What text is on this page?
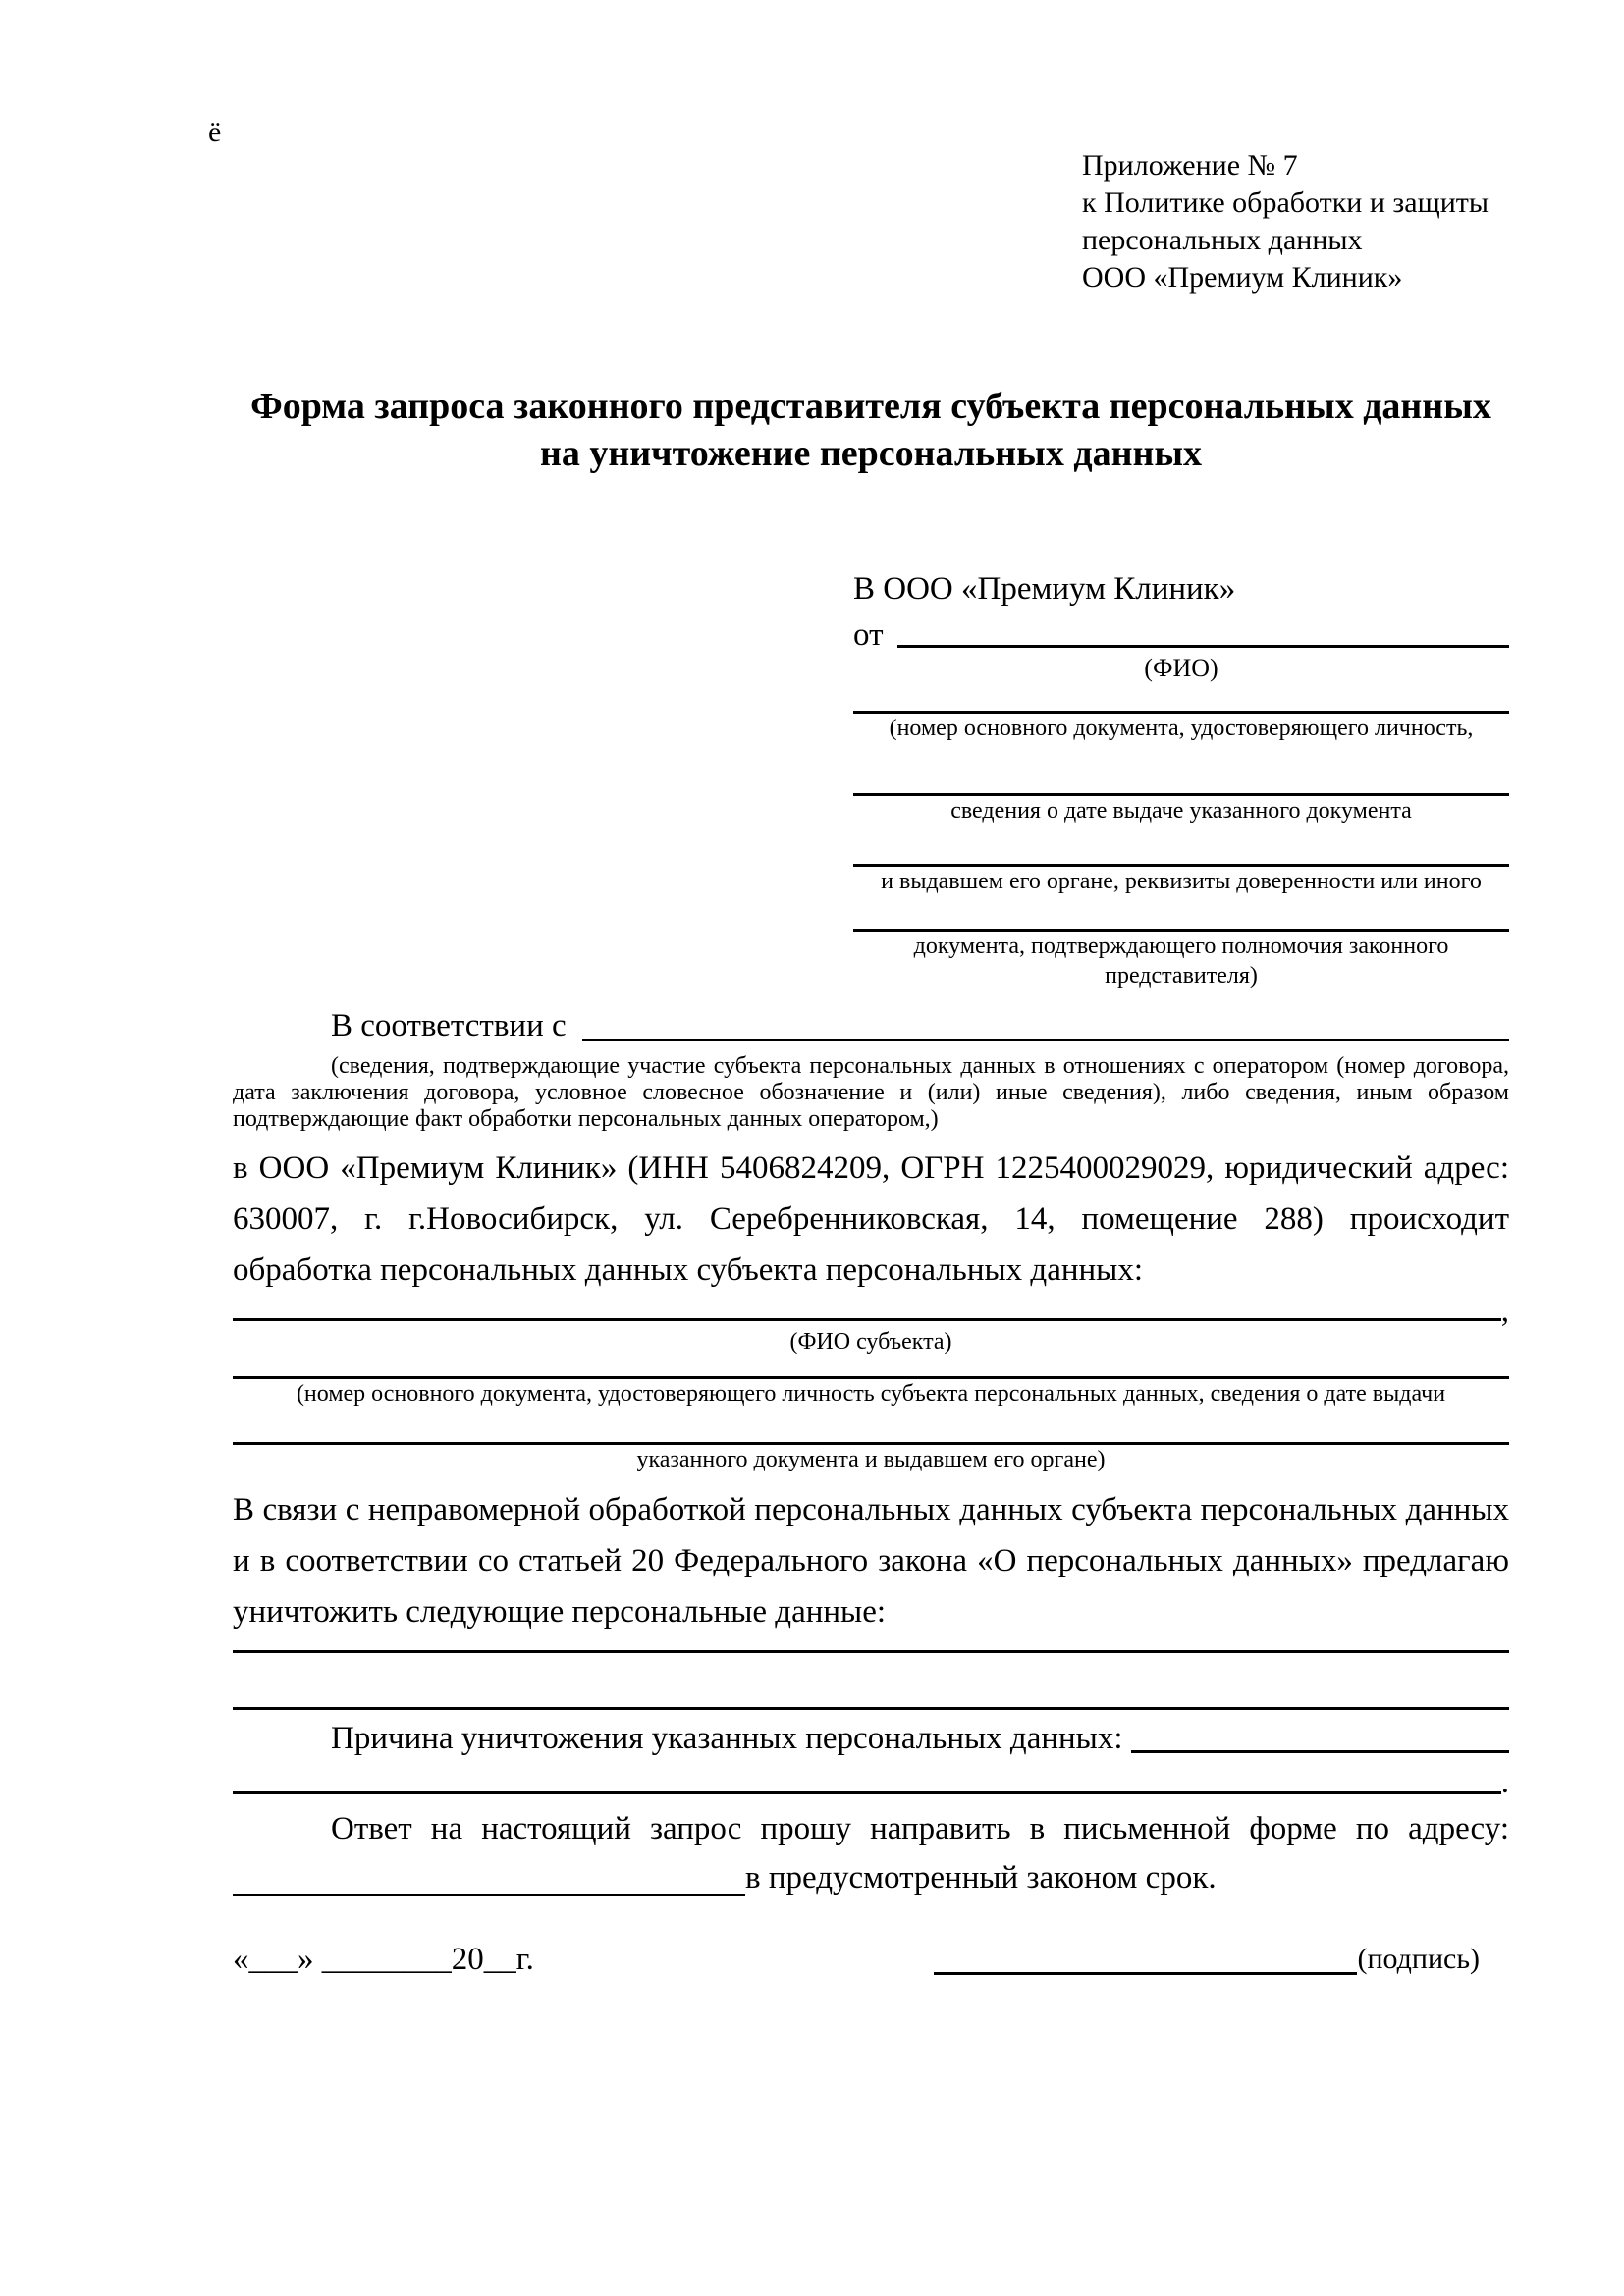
ё
Приложение № 7
к Политике обработки и защиты
персональных данных
ООО «Премиум Клиник»
Форма запроса законного представителя субъекта персональных данных
на уничтожение персональных данных
В ООО «Премиум Клиник»
от
(ФИО)
(номер основного документа, удостоверяющего личность,
сведения о дате выдаче указанного документа
и выдавшем его органе, реквизиты доверенности или иного
документа, подтверждающего полномочия законного представителя)
В соответствии с
(сведения, подтверждающие участие субъекта персональных данных в отношениях с оператором (номер договора, дата заключения договора, условное словесное обозначение и (или) иные сведения), либо сведения, иным образом подтверждающие факт обработки персональных данных оператором,)

в ООО «Премиум Клиник» (ИНН 5406824209, ОГРН 1225400029029, юридический адрес: 630007, г. г.Новосибирск, ул. Серебренниковская, 14, помещение 288) происходит обработка персональных данных субъекта персональных данных:

,
(ФИО субъекта)
(номер основного документа, удостоверяющего личность субъекта персональных данных, сведения о дате выдачи
указанного документа и выдавшем его органе)

В связи с неправомерной обработкой персональных данных субъекта персональных данных и в соответствии со статьей 20 Федерального закона «О персональных данных» предлагаю уничтожить следующие персональные данные:

Причина уничтожения указанных персональных данных:
.
Ответ на настоящий запрос прошу направить в письменной форме по адресу:
в предусмотренный законом срок.
«___» ________20__г.	(подпись)
